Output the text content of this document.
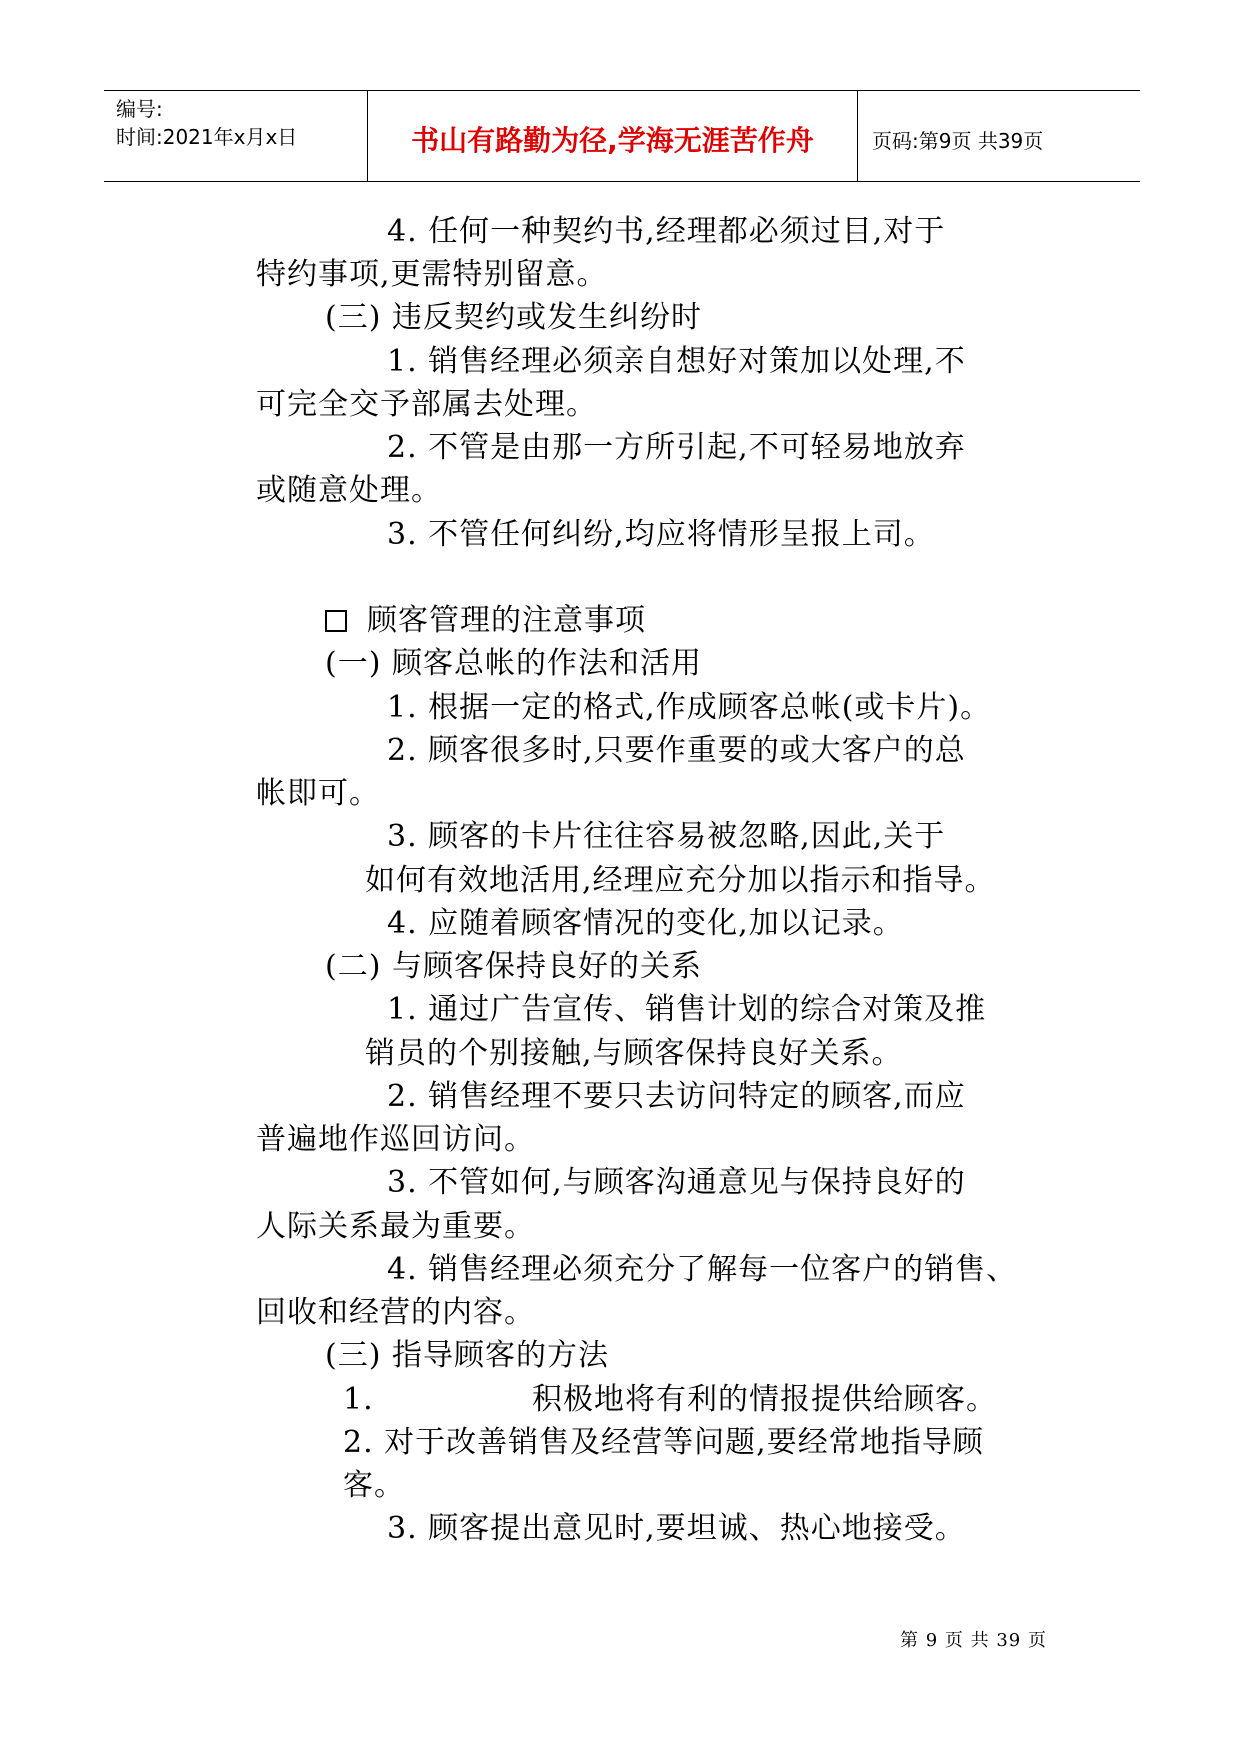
编号:
时间:2021年x月x日	书山有路勤为径,学海无涯苦作舟	页码:第9页 共39页
4. 任何一种契约书,经理都必须过目,对于
特约事项,更需特别留意。
(三) 违反契约或发生纠纷时
1. 销售经理必须亲自想好对策加以处理,不
可完全交予部属去处理。
2. 不管是由那一方所引起,不可轻易地放弃
或随意处理。
3. 不管任何纠纷,均应将情形呈报上司。
顾客管理的注意事项
(一) 顾客总帐的作法和活用
1. 根据一定的格式,作成顾客总帐(或卡片)。
2. 顾客很多时,只要作重要的或大客户的总
帐即可。
3. 顾客的卡片往往容易被忽略,因此,关于
如何有效地活用,经理应充分加以指示和指导。
4. 应随着顾客情况的变化,加以记录。
(二) 与顾客保持良好的关系
1. 通过广告宣传、销售计划的综合对策及推
销员的个别接触,与顾客保持良好关系。
2. 销售经理不要只去访问特定的顾客,而应
普遍地作巡回访问。
3. 不管如何,与顾客沟通意见与保持良好的
人际关系最为重要。
4. 销售经理必须充分了解每一位客户的销售、
回收和经营的内容。
(三) 指导顾客的方法
1.	积极地将有利的情报提供给顾客。
2. 对于改善销售及经营等问题,要经常地指导顾
客。
3. 顾客提出意见时,要坦诚、热心地接受。
第 9 页 共 39 页
